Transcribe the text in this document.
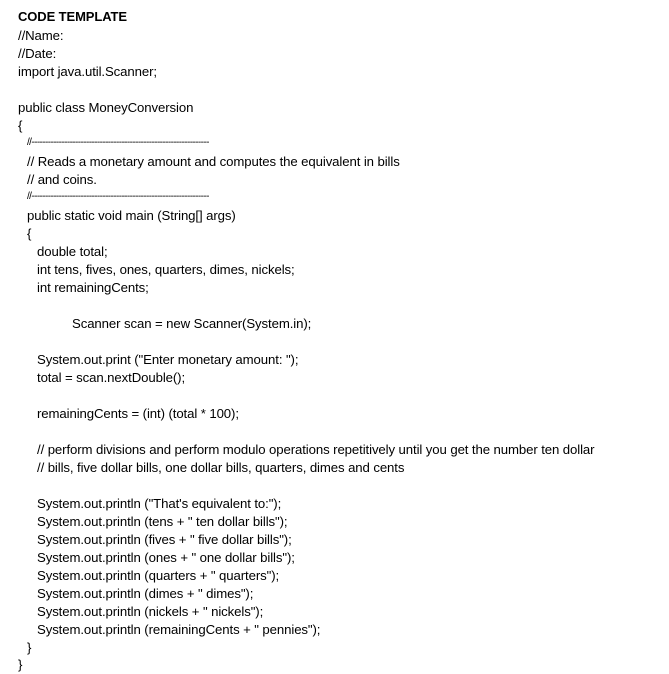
CODE TEMPLATE
//Name:
//Date:
import java.util.Scanner;
public class MoneyConversion
{
//-----------------------------------------------------------------
// Reads a monetary amount and computes the equivalent in bills
// and coins.
//-----------------------------------------------------------------
public static void main (String[] args)
{
double total;
int tens, fives, ones, quarters, dimes, nickels;
int remainingCents;
Scanner scan = new Scanner(System.in);
System.out.print ("Enter monetary amount: ");
total = scan.nextDouble();
remainingCents = (int) (total * 100);
// perform divisions and perform modulo operations repetitively until you get the number ten dollar
// bills, five dollar bills, one dollar bills, quarters, dimes and cents
System.out.println ("That's equivalent to:");
System.out.println (tens + " ten dollar bills");
System.out.println (fives + " five dollar bills");
System.out.println (ones + " one dollar bills");
System.out.println (quarters + " quarters");
System.out.println (dimes + " dimes");
System.out.println (nickels + " nickels");
System.out.println (remainingCents + " pennies");
}
}
